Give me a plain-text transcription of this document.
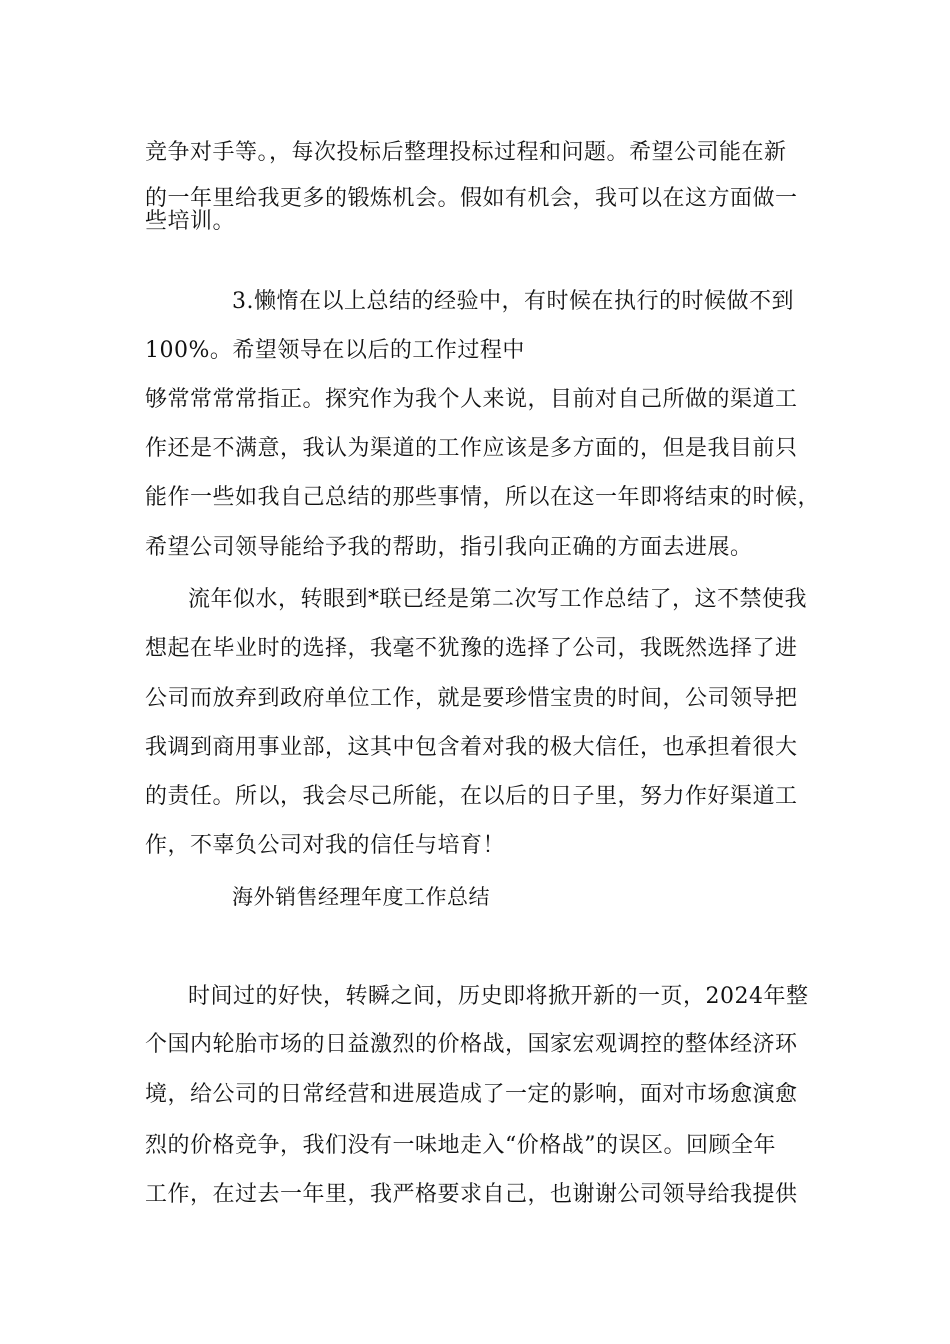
竞争对手等。，每次投标后整理投标过程和问题。希望公司能在新
的一年里给我更多的锻炼机会。假如有机会，我可以在这方面做一
些培训。
3.懒惰在以上总结的经验中，有时候在执行的时候做不到
100%。希望领导在以后的工作过程中
够常常常常指正。探究作为我个人来说，目前对自己所做的渠道工
作还是不满意，我认为渠道的工作应该是多方面的，但是我目前只
能作一些如我自己总结的那些事情，所以在这一年即将结束的时候，
希望公司领导能给予我的帮助，指引我向正确的方面去进展。
流年似水，转眼到*联已经是第二次写工作总结了，这不禁使我
想起在毕业时的选择，我毫不犹豫的选择了公司，我既然选择了进
公司而放弃到政府单位工作，就是要珍惜宝贵的时间，公司领导把
我调到商用事业部，这其中包含着对我的极大信任，也承担着很大
的责任。所以，我会尽己所能，在以后的日子里，努力作好渠道工
作，不辜负公司对我的信任与培育！
海外销售经理年度工作总结
时间过的好快，转瞬之间，历史即将掀开新的一页，2024年整
个国内轮胎市场的日益激烈的价格战，国家宏观调控的整体经济环
境，给公司的日常经营和进展造成了一定的影响，面对市场愈演愈
烈的价格竞争，我们没有一味地走入“价格战”的误区。回顾全年
工作，在过去一年里，我严格要求自己，也谢谢公司领导给我提供
